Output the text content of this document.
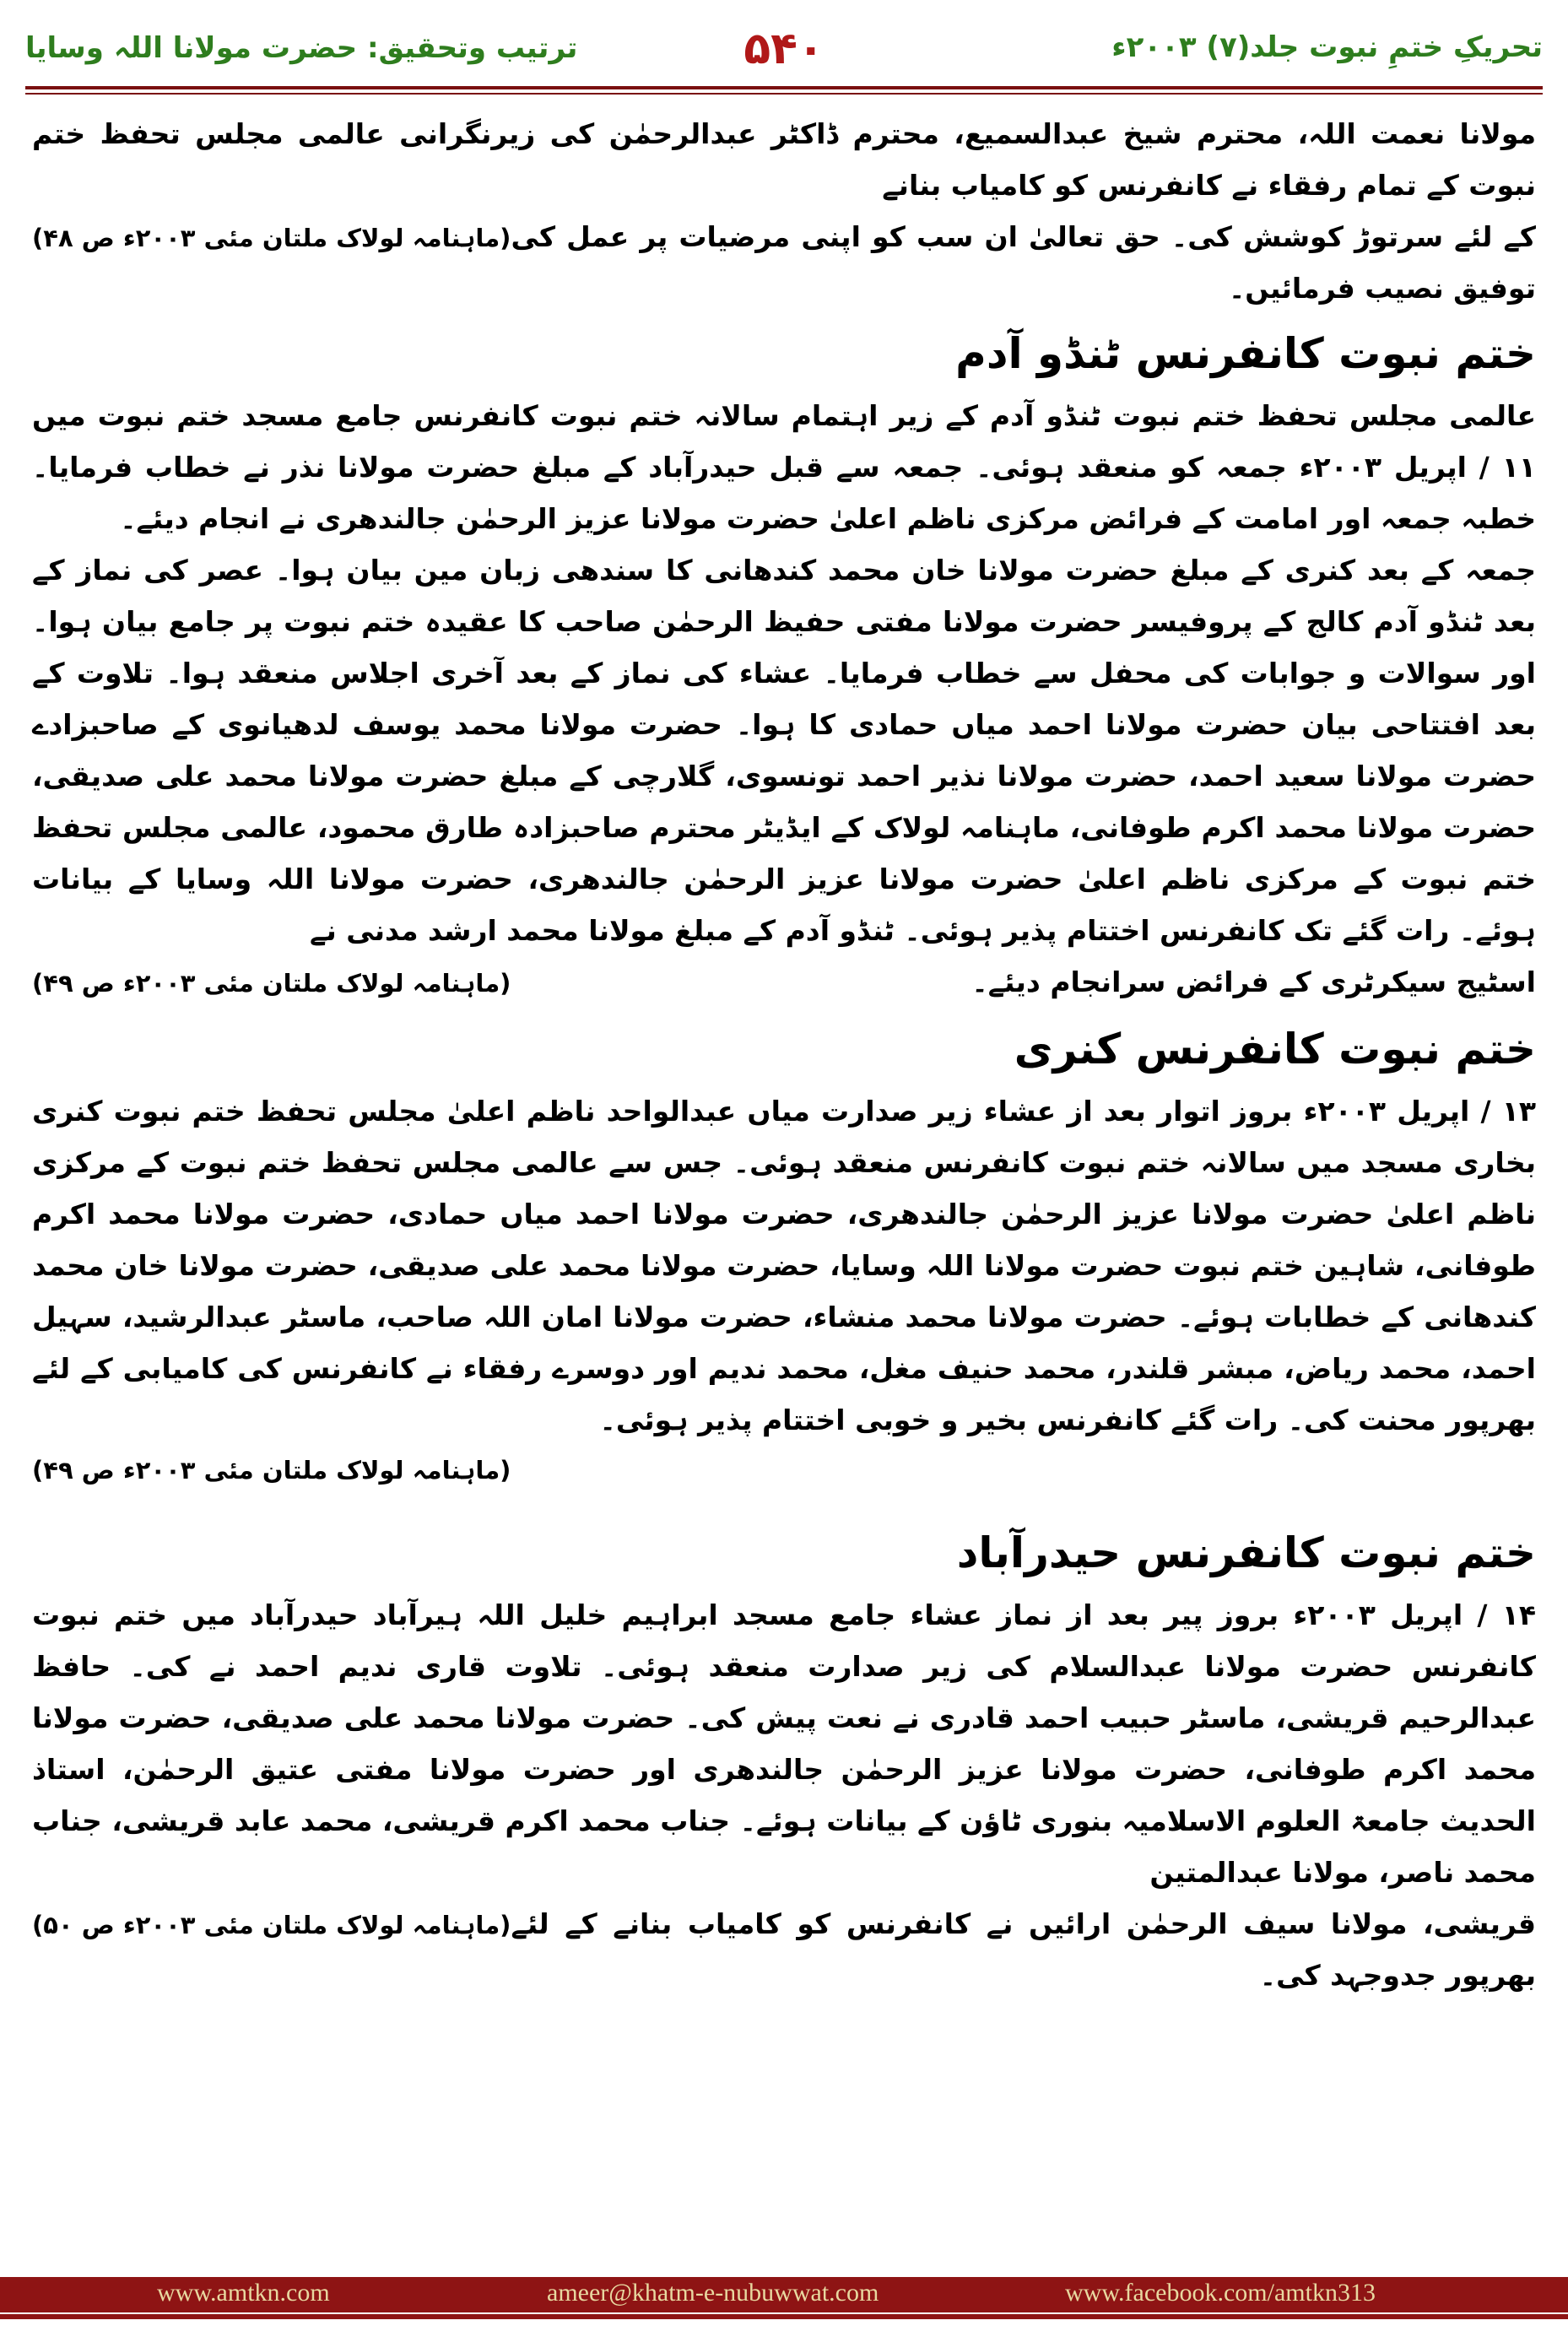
تحریکِ ختمِ نبوت جلد(۷) ۲۰۰۳ء
۵۴۰
ترتیب وتحقیق: حضرت مولانا اللہ وسایا

مولانا نعمت اللہ، محترم شیخ عبدالسمیع، محترم ڈاکٹر عبدالرحمٰن کی زیرنگرانی عالمی مجلس تحفظ ختم نبوت کے تمام رفقاء نے کانفرنس کو کامیاب بنانے

کے لئے سرتوڑ کوشش کی۔ حق تعالیٰ ان سب کو اپنی مرضیات پر عمل کی توفیق نصیب فرمائیں۔
(ماہنامہ لولاک ملتان مئی ۲۰۰۳ء ص ۴۸)
ختم نبوت کانفرنس ٹنڈو آدم

عالمی مجلس تحفظ ختم نبوت ٹنڈو آدم کے زیر اہتمام سالانہ ختم نبوت کانفرنس جامع مسجد ختم نبوت میں ۱۱ / اپریل ۲۰۰۳ء جمعہ کو منعقد ہوئی۔ جمعہ سے قبل حیدرآباد کے مبلغ حضرت مولانا نذر نے خطاب فرمایا۔ خطبہ جمعہ اور امامت کے فرائض مرکزی ناظم اعلیٰ حضرت مولانا عزیز الرحمٰن جالندھری نے انجام دیئے۔

جمعہ کے بعد کنری کے مبلغ حضرت مولانا خان محمد کندھانی کا سندھی زبان مین بیان ہوا۔ عصر کی نماز کے بعد ٹنڈو آدم کالج کے پروفیسر حضرت مولانا مفتی حفیظ الرحمٰن صاحب کا عقیدہ ختم نبوت پر جامع بیان ہوا۔ اور سوالات و جوابات کی محفل سے خطاب فرمایا۔ عشاء کی نماز کے بعد آخری اجلاس منعقد ہوا۔ تلاوت کے بعد افتتاحی بیان حضرت مولانا احمد میاں حمادی کا ہوا۔ حضرت مولانا محمد یوسف لدھیانوی کے صاحبزادے حضرت مولانا سعید احمد، حضرت مولانا نذیر احمد تونسوی، گلارچی کے مبلغ حضرت مولانا محمد علی صدیقی، حضرت مولانا محمد اکرم طوفانی، ماہنامہ لولاک کے ایڈیٹر محترم صاحبزادہ طارق محمود، عالمی مجلس تحفظ ختم نبوت کے مرکزی ناظم اعلیٰ حضرت مولانا عزیز الرحمٰن جالندھری، حضرت مولانا اللہ وسایا کے بیانات ہوئے۔ رات گئے تک کانفرنس اختتام پذیر ہوئی۔ ٹنڈو آدم کے مبلغ مولانا محمد ارشد مدنی نے

اسٹیج سیکرٹری کے فرائض سرانجام دیئے۔
(ماہنامہ لولاک ملتان مئی ۲۰۰۳ء ص ۴۹)
ختم نبوت کانفرنس کنری

۱۳ / اپریل ۲۰۰۳ء بروز اتوار بعد از عشاء زیر صدارت میاں عبدالواحد ناظم اعلیٰ مجلس تحفظ ختم نبوت کنری بخاری مسجد میں سالانہ ختم نبوت کانفرنس منعقد ہوئی۔ جس سے عالمی مجلس تحفظ ختم نبوت کے مرکزی ناظم اعلیٰ حضرت مولانا عزیز الرحمٰن جالندھری، حضرت مولانا احمد میاں حمادی، حضرت مولانا محمد اکرم طوفانی، شاہین ختم نبوت حضرت مولانا اللہ وسایا، حضرت مولانا محمد علی صدیقی، حضرت مولانا خان محمد کندھانی کے خطابات ہوئے۔ حضرت مولانا محمد منشاء، حضرت مولانا امان اللہ صاحب، ماسٹر عبدالرشید، سہیل احمد، محمد ریاض، مبشر قلندر، محمد حنیف مغل، محمد ندیم اور دوسرے رفقاء نے کانفرنس کی کامیابی کے لئے بھرپور محنت کی۔ رات گئے کانفرنس بخیر و خوبی اختتام پذیر ہوئی۔

(ماہنامہ لولاک ملتان مئی ۲۰۰۳ء ص ۴۹)
ختم نبوت کانفرنس حیدرآباد

۱۴ / اپریل ۲۰۰۳ء بروز پیر بعد از نماز عشاء جامع مسجد ابراہیم خلیل اللہ ہیرآباد حیدرآباد میں ختم نبوت کانفرنس حضرت مولانا عبدالسلام کی زیر صدارت منعقد ہوئی۔ تلاوت قاری ندیم احمد نے کی۔ حافظ عبدالرحیم قریشی، ماسٹر حبیب احمد قادری نے نعت پیش کی۔ حضرت مولانا محمد علی صدیقی، حضرت مولانا محمد اکرم طوفانی، حضرت مولانا عزیز الرحمٰن جالندھری اور حضرت مولانا مفتی عتیق الرحمٰن، استاذ الحدیث جامعۃ العلوم الاسلامیہ بنوری ٹاؤن کے بیانات ہوئے۔ جناب محمد اکرم قریشی، محمد عابد قریشی، جناب محمد ناصر، مولانا عبدالمتین

قریشی، مولانا سیف الرحمٰن ارائیں نے کانفرنس کو کامیاب بنانے کے لئے بھرپور جدوجہد کی۔
(ماہنامہ لولاک ملتان مئی ۲۰۰۳ء ص ۵۰)
www.amtkn.com	ameer@khatm-e-nubuwwat.com	www.facebook.com/amtkn313
